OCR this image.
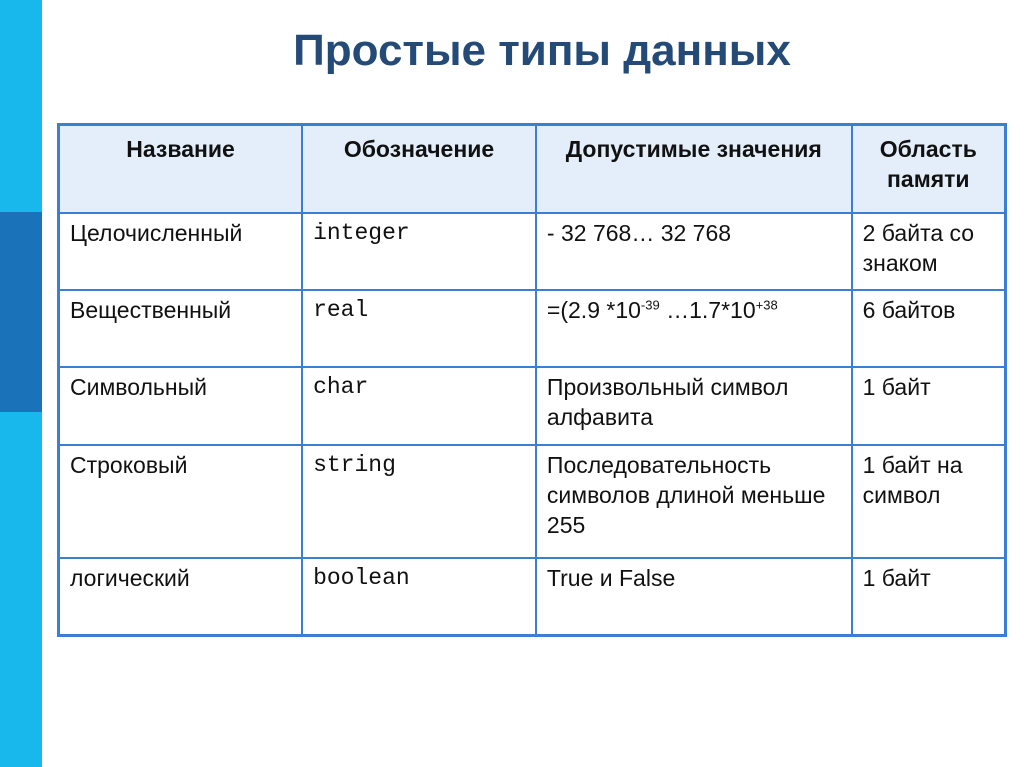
Простые типы данных
Название	Обозначение	Допустимые значения	Область памяти
Целочисленный	integer	- 32 768… 32 768	2 байта со знаком
Вещественный	real	=(2.9 $*10^{-39}$ $\dots 1.7*10^{+38}$	6 байтов
Символьный	char	Произвольный символ алфавита	1 байт
Строковый	string	Последовательность символов длиной меньше 255	1 байт на символ
логический	boolean	True и False	1 байт
